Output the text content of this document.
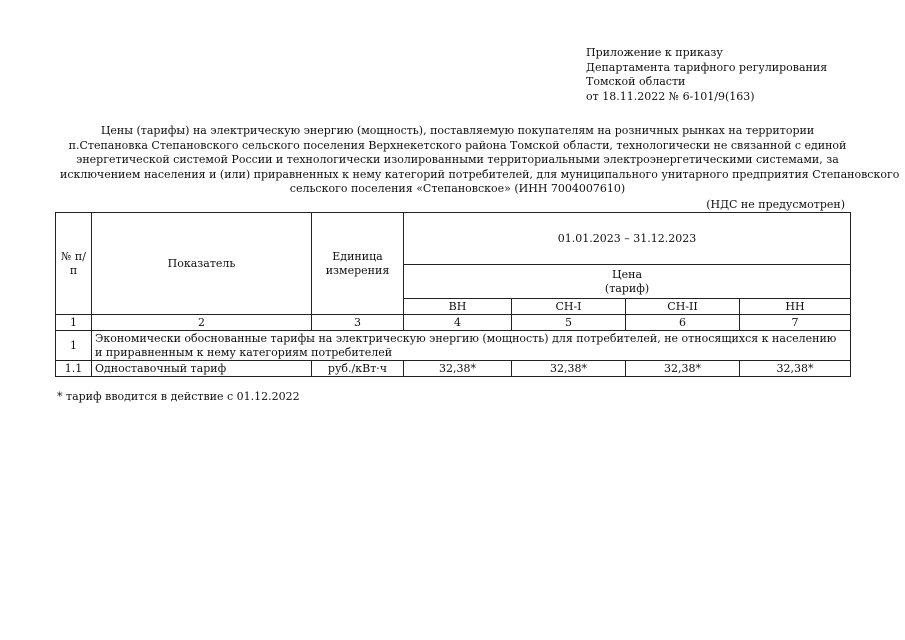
Приложение к приказу
Департамента тарифного регулирования
Томской области
от 18.11.2022 № 6-101/9(163)
Цены (тарифы) на электрическую энергию (мощность), поставляемую покупателям на розничных рынках на территории
п.Степановка Степановского сельского поселения Верхнекетского района Томской области, технологически не связанной с единой
энергетической системой России и технологически изолированными территориальными электроэнергетическими системами, за
исключением населения и (или) приравненных к нему категорий потребителей, для муниципального унитарного предприятия Степановского
сельского поселения «Степановское» (ИНН 7004007610)
(НДС не предусмотрен)
№ п/п	Показатель	Единица измерения	01.01.2023 – 31.12.2023			

			Цена
(тариф)			

			ВН	СН-I	СН-II	НН
1	2	3	4	5	6	7
1	Экономически обоснованные тарифы на электрическую энергию (мощность) для потребителей, не относящихся к населению и приравненным к нему категориям потребителей					
1.1	Одноставочный тариф	руб./кВт·ч	32,38*	32,38*	32,38*	32,38*
* тариф вводится в действие с 01.12.2022
